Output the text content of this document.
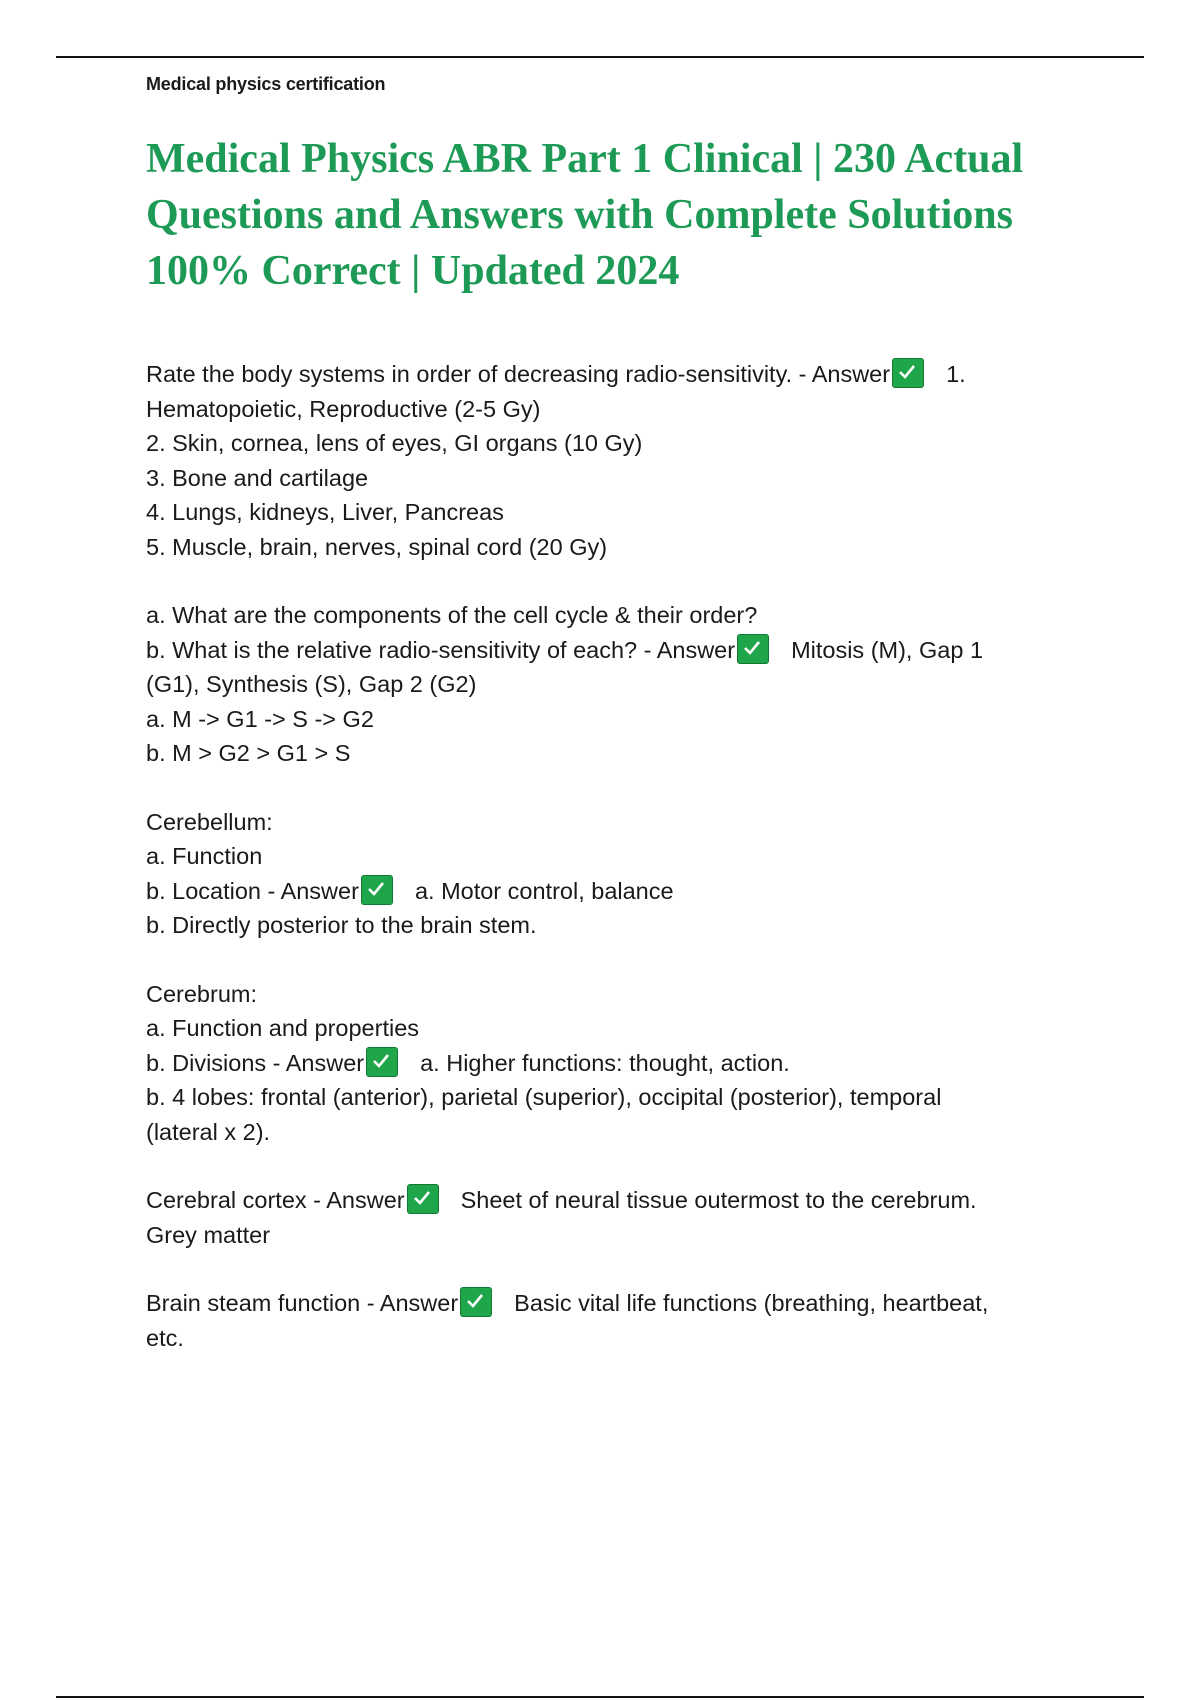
Medical physics certification
Medical Physics ABR Part 1 Clinical | 230 Actual Questions and Answers with Complete Solutions 100% Correct | Updated 2024
Rate the body systems in order of decreasing radio-sensitivity. - Answer 1.
Hematopoietic, Reproductive (2-5 Gy)
2. Skin, cornea, lens of eyes, GI organs (10 Gy)
3. Bone and cartilage
4. Lungs, kidneys, Liver, Pancreas
5. Muscle, brain, nerves, spinal cord (20 Gy)
a. What are the components of the cell cycle & their order?
b. What is the relative radio-sensitivity of each? - Answer Mitosis (M), Gap 1
(G1), Synthesis (S), Gap 2 (G2)
a. M -> G1 -> S -> G2
b. M > G2 > G1 > S
Cerebellum:
a. Function
b. Location - Answer a. Motor control, balance
b. Directly posterior to the brain stem.
Cerebrum:
a. Function and properties
b. Divisions - Answer a. Higher functions: thought, action.
b. 4 lobes: frontal (anterior), parietal (superior), occipital (posterior), temporal
(lateral x 2).
Cerebral cortex - Answer Sheet of neural tissue outermost to the cerebrum.
Grey matter
Brain steam function - Answer Basic vital life functions (breathing, heartbeat,
etc.
